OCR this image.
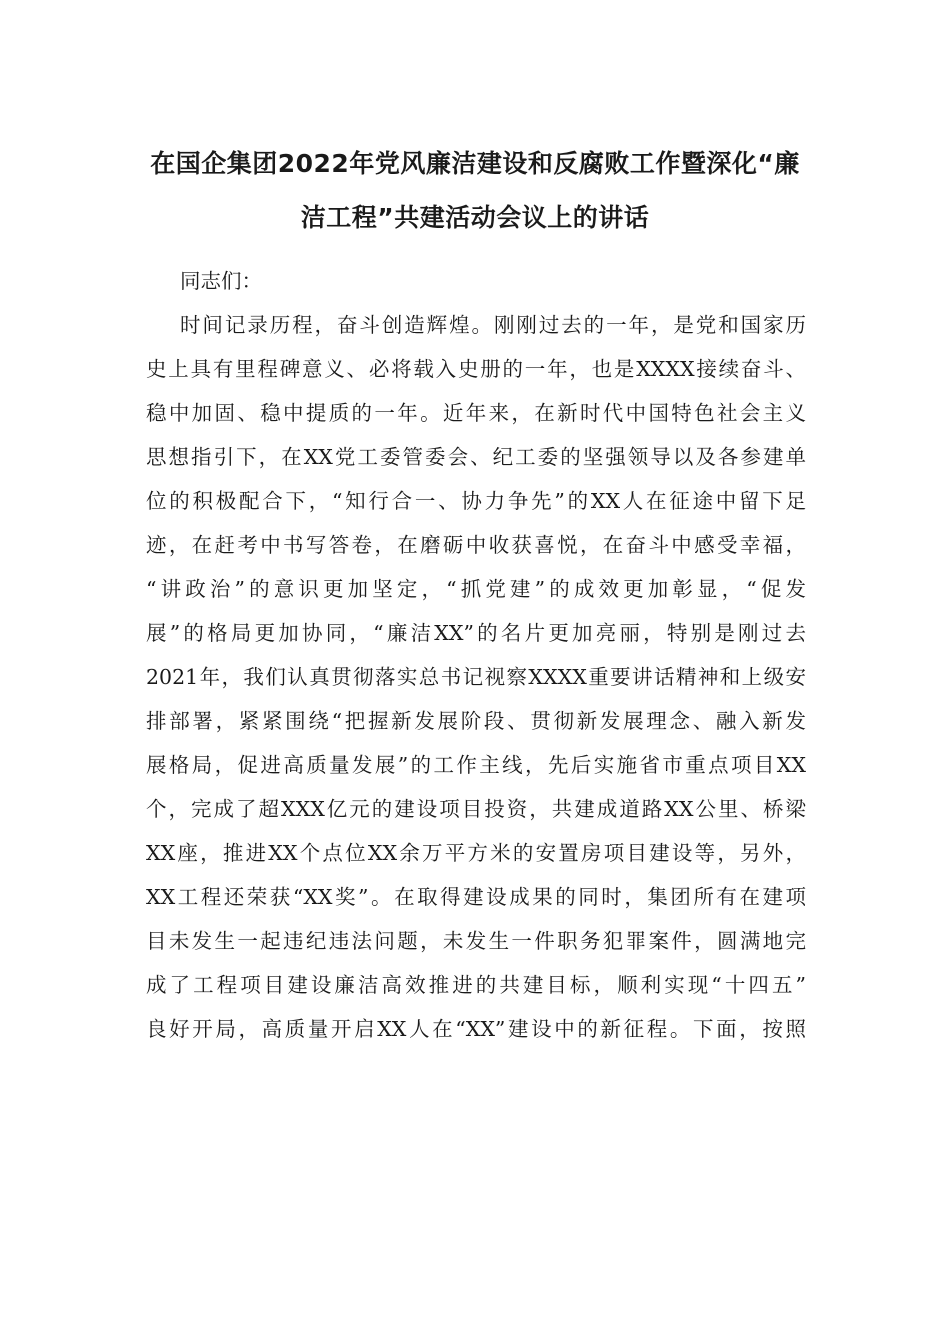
在国企集团2022年党风廉洁建设和反腐败工作暨深化“廉
洁工程”共建活动会议上的讲话
同志们：
时间记录历程，奋斗创造辉煌。刚刚过去的一年，是党和国家历
史上具有里程碑意义、必将载入史册的一年，也是XXXX接续奋斗、
稳中加固、稳中提质的一年。近年来，在新时代中国特色社会主义
思想指引下，在XX党工委管委会、纪工委的坚强领导以及各参建单
位的积极配合下，“知行合一、协力争先”的XX人在征途中留下足
迹，在赶考中书写答卷，在磨砺中收获喜悦，在奋斗中感受幸福，
“讲政治”的意识更加坚定，“抓党建”的成效更加彰显，“促发
展”的格局更加协同，“廉洁XX”的名片更加亮丽，特别是刚过去
2021年，我们认真贯彻落实总书记视察XXXX重要讲话精神和上级安
排部署，紧紧围绕“把握新发展阶段、贯彻新发展理念、融入新发
展格局，促进高质量发展”的工作主线，先后实施省市重点项目XX
个，完成了超XXX亿元的建设项目投资，共建成道路XX公里、桥梁
XX座，推进XX个点位XX余万平方米的安置房项目建设等，另外，
XX工程还荣获“XX奖”。在取得建设成果的同时，集团所有在建项
目未发生一起违纪违法问题，未发生一件职务犯罪案件，圆满地完
成了工程项目建设廉洁高效推进的共建目标，顺利实现“十四五”
良好开局，高质量开启XX人在“XX”建设中的新征程。下面，按照
